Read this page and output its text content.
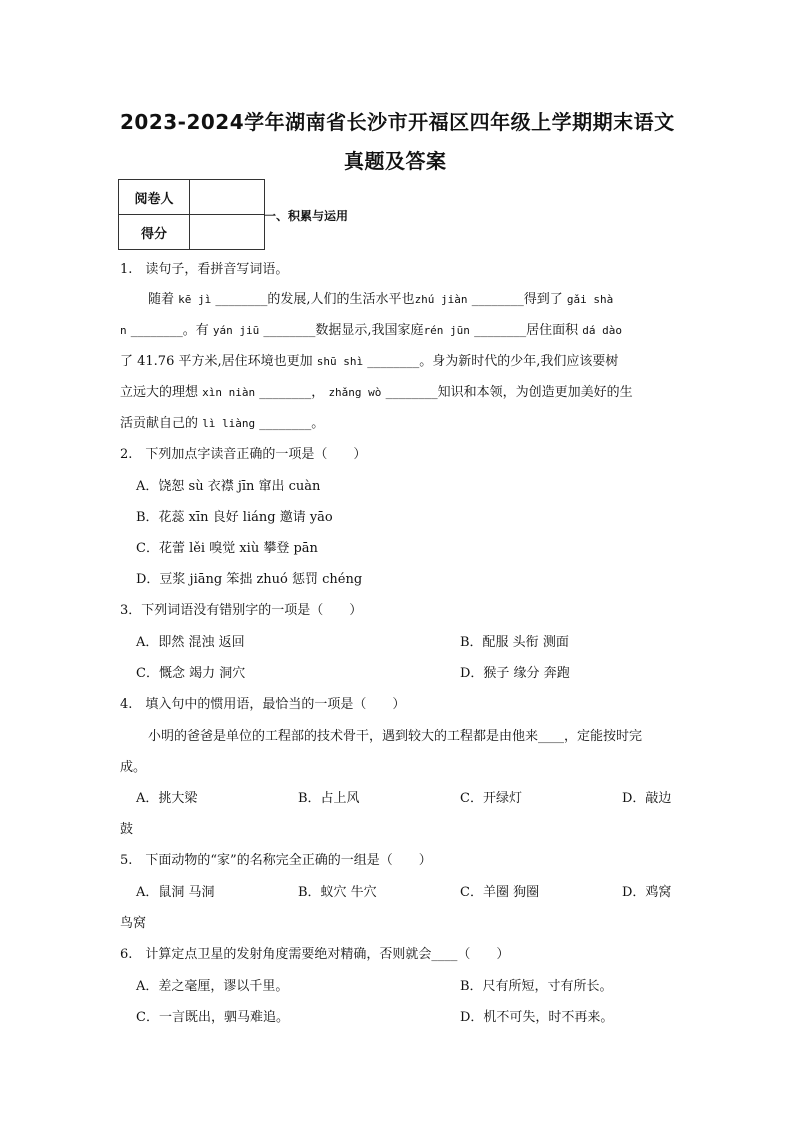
2023-2024学年湖南省长沙市开福区四年级上学期期末语文
真题及答案
阅卷人	
得分	
一、积累与运用
1.　读句子，看拼音写词语。
随着 kē jì ________的发展,人们的生活水平也zhú jiàn ________得到了 gǎi shà
n ________。有 yán jiū ________数据显示,我国家庭rén jūn ________居住面积 dá dào
了 41.76 平方米,居住环境也更加 shū shì ________。身为新时代的少年,我们应该要树
立远大的理想 xìn niàn ________， zhǎng wò ________知识和本领，为创造更加美好的生
活贡献自己的 lì liàng ________。
2.　下列加点字读音正确的一项是（　　）
A．饶恕 sù 衣襟 jīn 窜出 cuàn
B．花蕊 xīn 良好 liáng 邀请 yāo
C．花蕾 lěi 嗅觉 xiù 攀登 pān
D．豆浆 jiāng 笨拙 zhuó 惩罚 chéng
3．下列词语没有错别字的一项是（　　）
A．即然 混浊 返回	B．配服 头衔 测面
C．慨念 竭力 洞穴	D．猴子 缘分 奔跑
4.　填入句中的惯用语，最恰当的一项是（　　）
小明的爸爸是单位的工程部的技术骨干，遇到较大的工程都是由他来____，定能按时完
成。
A．挑大梁	B．占上风	C．开绿灯	D．敲边
鼓
5.　下面动物的“家”的名称完全正确的一组是（　　）
A．鼠洞 马洞	B．蚁穴 牛穴	C．羊圈 狗圈	D．鸡窝
鸟窝
6.　计算定点卫星的发射角度需要绝对精确，否则就会____（　　）
A．差之毫厘，谬以千里。	B．尺有所短，寸有所长。
C．一言既出，驷马难追。	D．机不可失，时不再来。
